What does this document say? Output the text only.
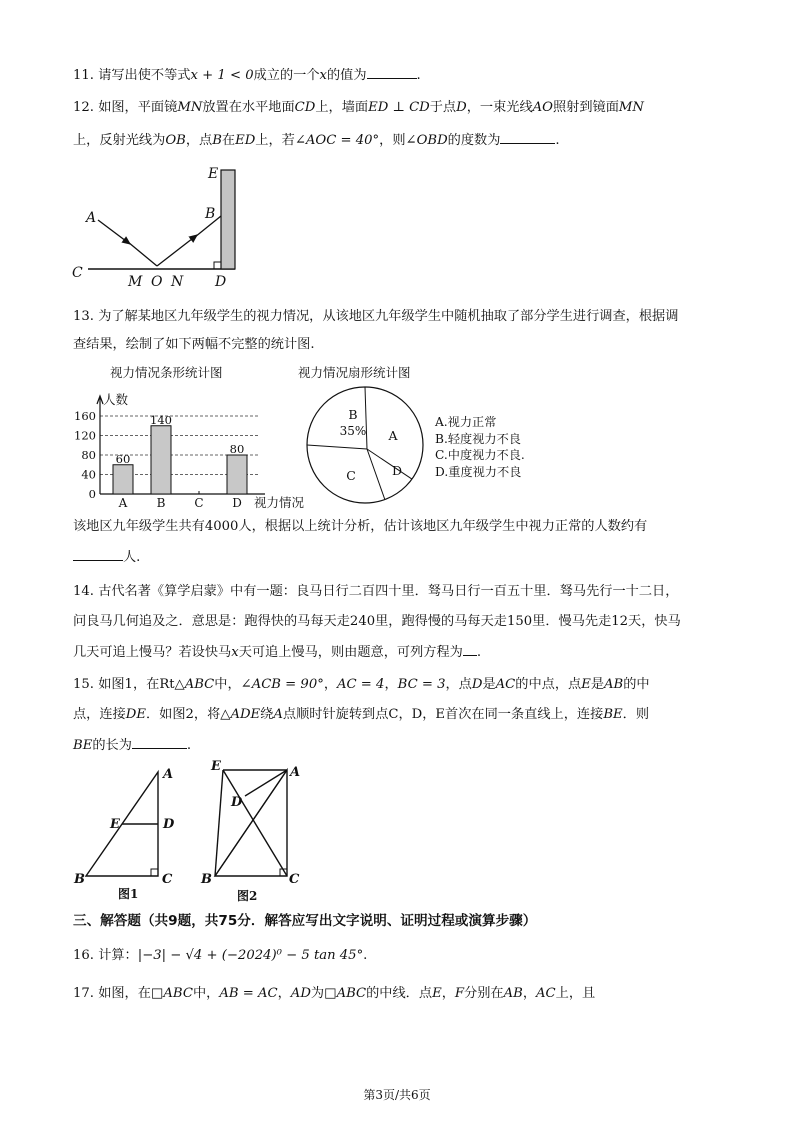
11. 请写出使不等式x + 1 < 0成立的一个x的值为	.
12. 如图，平面镜MN放置在水平地面CD上，墙面ED ⊥ CD于点D，一束光线AO照射到镜面MN
上，反射光线为OB，点B在ED上，若∠AOC = 40°，则∠OBD的度数为	.
E
B
A
C
M O N D
13. 为了解某地区九年级学生的视力情况，从该地区九年级学生中随机抽取了部分学生进行调查，根据调
查结果，绘制了如下两幅不完整的统计图.
视力情况条形统计图
0
40
80
120
160
人数
视力情况
60
A
140
B C
80
D
视力情况扇形统计图
B
35% A
C	D
A.视力正常
B.轻度视力不良
C.中度视力不良.
D.重度视力不良
该地区九年级学生共有4000人，根据以上统计分析，估计该地区九年级学生中视力正常的人数约有
人.
14. 古代名著《算学启蒙》中有一题：良马日行二百四十里．驽马日行一百五十里．驽马先行一十二日，
问良马几何追及之．意思是：跑得快的马每天走240里，跑得慢的马每天走150里．慢马先走12天，快马
几天可追上慢马？若设快马x天可追上慢马，则由题意，可列方程为 .
15. 如图1，在Rt△ABC中，∠ACB = 90°，AC = 4，BC = 3，点D是AC的中点，点E是AB的中
点，连接DE．如图2，将△ADE绕A点顺时针旋转到点C，D，E首次在同一条直线上，连接BE．则
BE的长为	.
A
E	D
B	C
图1
E	A
D
B	C
图2
三、解答题（共9题，共75分．解答应写出文字说明、证明过程或演算步骤）
16. 计算：|−3| − √4 + (−2024)⁰ − 5 tan 45°.
17. 如图，在□ABC中，AB = AC，AD为□ABC的中线．点E，F分别在AB，AC上，且
第3页/共6页
